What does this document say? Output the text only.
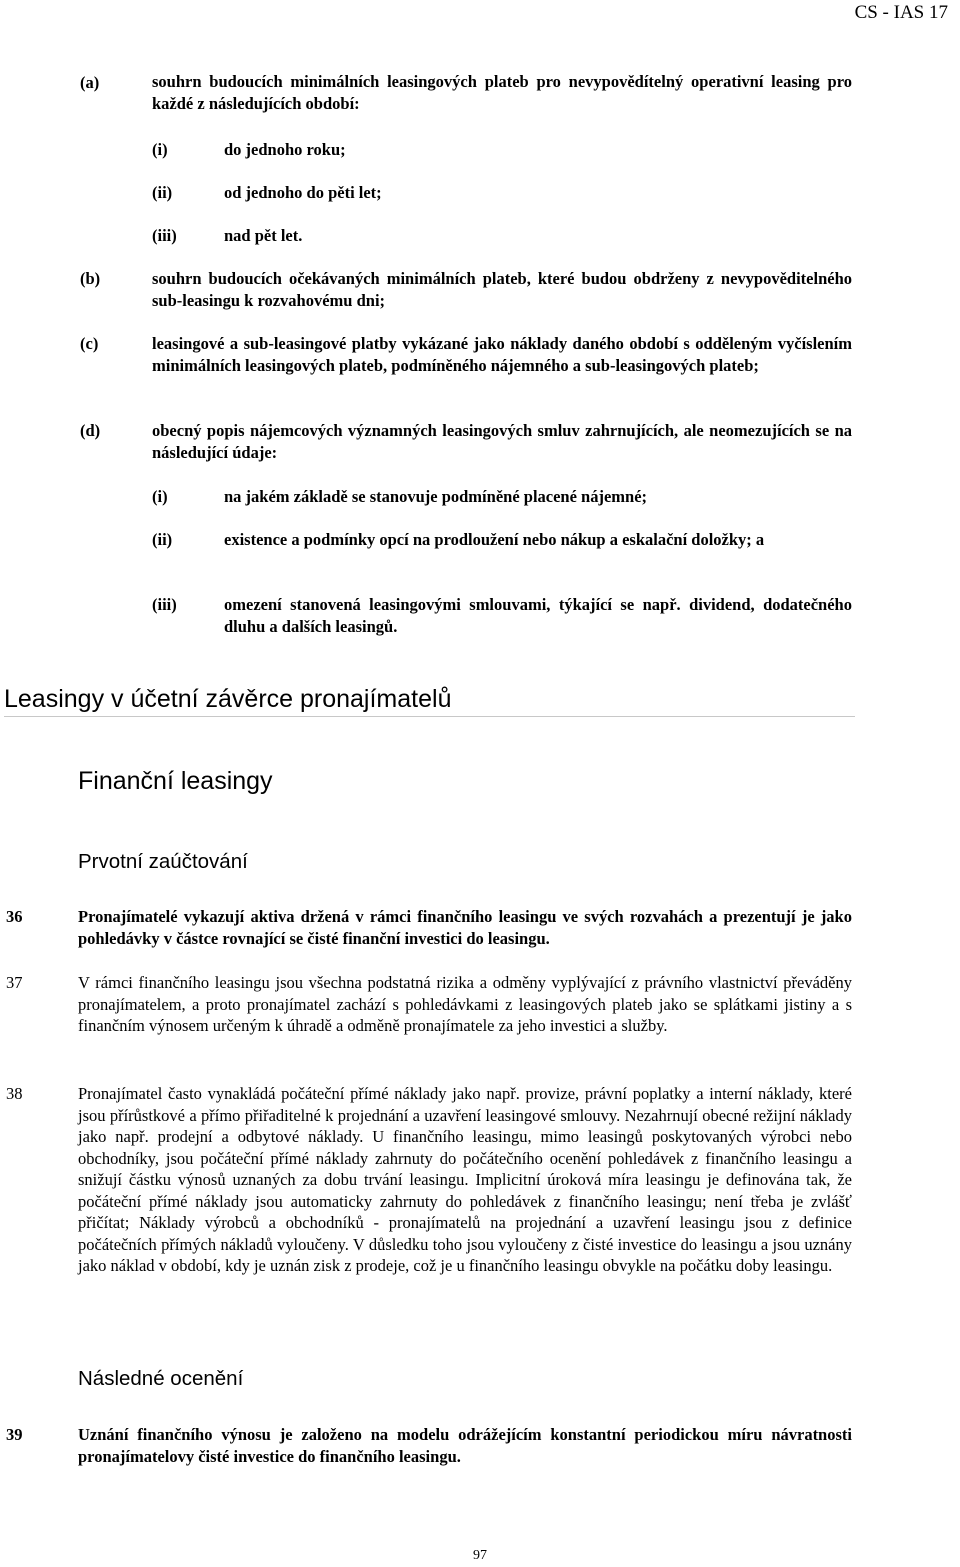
CS - IAS 17
(a)	souhrn budoucích minimálních leasingových plateb pro nevypovědítelný operativní leasing pro každé z následujících období:
(i)	do jednoho roku;
(ii)	od jednoho do pěti let;
(iii)	nad pět let.
(b)	souhrn budoucích očekávaných minimálních plateb, které budou obdrženy z nevypověditelného sub-leasingu k rozvahovému dni;
(c)	leasingové a sub-leasingové platby vykázané jako náklady daného období s odděleným vyčíslením minimálních leasingových plateb, podmíněného nájemného a sub-leasingových plateb;
(d)	obecný popis nájemcových významných leasingových smluv zahrnujících, ale neomezujících se na následující údaje:
(i)	na jakém základě se stanovuje podmíněné placené nájemné;
(ii)	existence a podmínky opcí na prodloužení nebo nákup a eskalační doložky; a
(iii)	omezení stanovená leasingovými smlouvami, týkající se např. dividend, dodatečného dluhu a dalších leasingů.
Leasingy v účetní závěrce pronajímatelů
Finanční leasingy
Prvotní zaúčtování
36	Pronajímatelé vykazují aktiva držená v rámci finančního leasingu ve svých rozvahách a prezentují je jako pohledávky v částce rovnající se čisté finanční investici do leasingu.
37	V rámci finančního leasingu jsou všechna podstatná rizika a odměny vyplývající z právního vlastnictví převáděny pronajímatelem, a proto pronajímatel zachází s pohledávkami z leasingových plateb jako se splátkami jistiny a s finančním výnosem určeným k úhradě a odměně pronajímatele za jeho investici a služby.
38	Pronajímatel často vynakládá počáteční přímé náklady jako např. provize, právní poplatky a interní náklady, které jsou přírůstkové a přímo přiřaditelné k projednání a uzavření leasingové smlouvy. Nezahrnují obecné režijní náklady jako např. prodejní a odbytové náklady. U finančního leasingu, mimo leasingů poskytovaných výrobci nebo obchodníky, jsou počáteční přímé náklady zahrnuty do počátečního ocenění pohledávek z finančního leasingu a snižují částku výnosů uznaných za dobu trvání leasingu. Implicitní úroková míra leasingu je definována tak, že počáteční přímé náklady jsou automaticky zahrnuty do pohledávek z finančního leasingu; není třeba je zvlášť přičítat; Náklady výrobců a obchodníků - pronajímatelů na projednání a uzavření leasingu jsou z definice počátečních přímých nákladů vyloučeny. V důsledku toho jsou vyloučeny z čisté investice do leasingu a jsou uznány jako náklad v období, kdy je uznán zisk z prodeje, což je u finančního leasingu obvykle na počátku doby leasingu.
Následné ocenění
39	Uznání finančního výnosu je založeno na modelu odrážejícím konstantní periodickou míru návratnosti pronajímatelovy čisté investice do finančního leasingu.
97
